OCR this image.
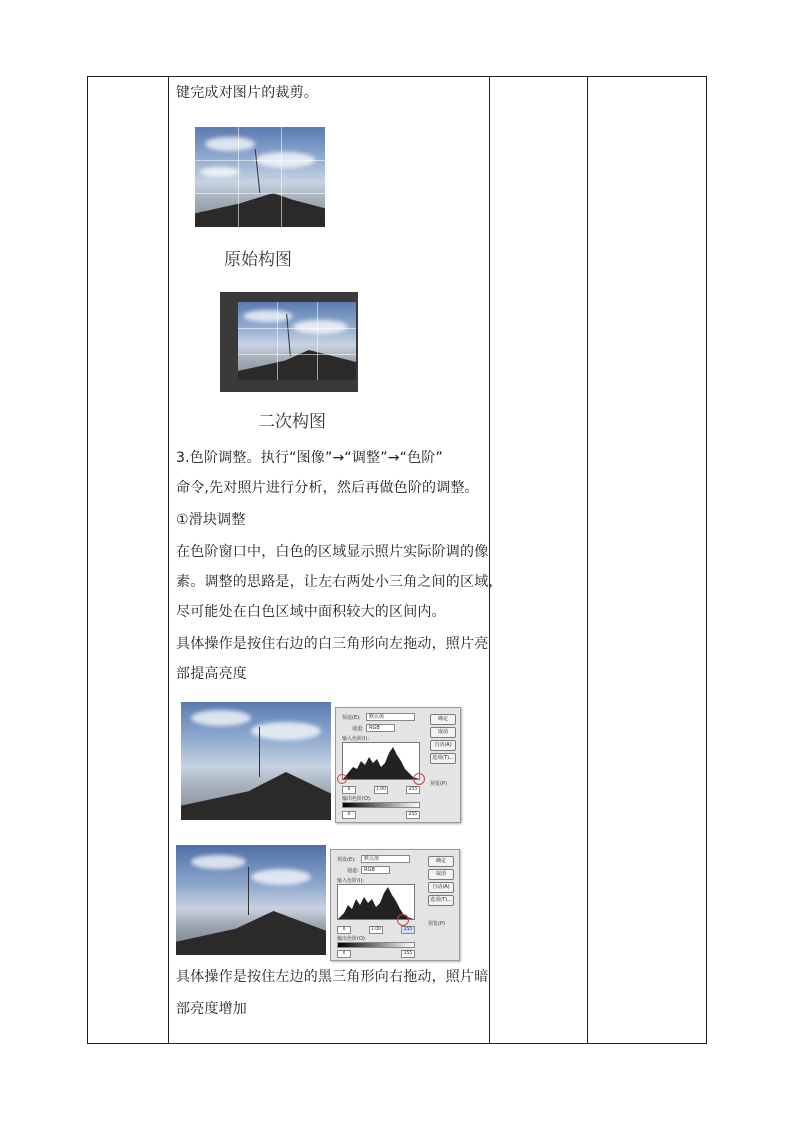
键完成对图片的裁剪。
原始构图
二次构图
3.色阶调整。执行“图像”→“调整”→“色阶”
命令,先对照片进行分析，然后再做色阶的调整。
①滑块调整
在色阶窗口中，白色的区域显示照片实际阶调的像
素。调整的思路是，让左右两处小三角之间的区域，
尽可能处在白色区域中面积较大的区间内。
具体操作是按住右边的白三角形向左拖动，照片亮
部提高亮度
预设(E):	默认值
通道:	RGB
输入色阶(I):
0	1.00	255
输出色阶(O):
0	255
确定
取消
自动(A)
选项(T)...
预览(P)
预设(E):	默认值
通道:	RGB
输入色阶(I):
0	1.00	255
输出色阶(O):
0	255
确定
取消
自动(A)
选项(T)...
预览(P)
具体操作是按住左边的黑三角形向右拖动，照片暗
部亮度增加
